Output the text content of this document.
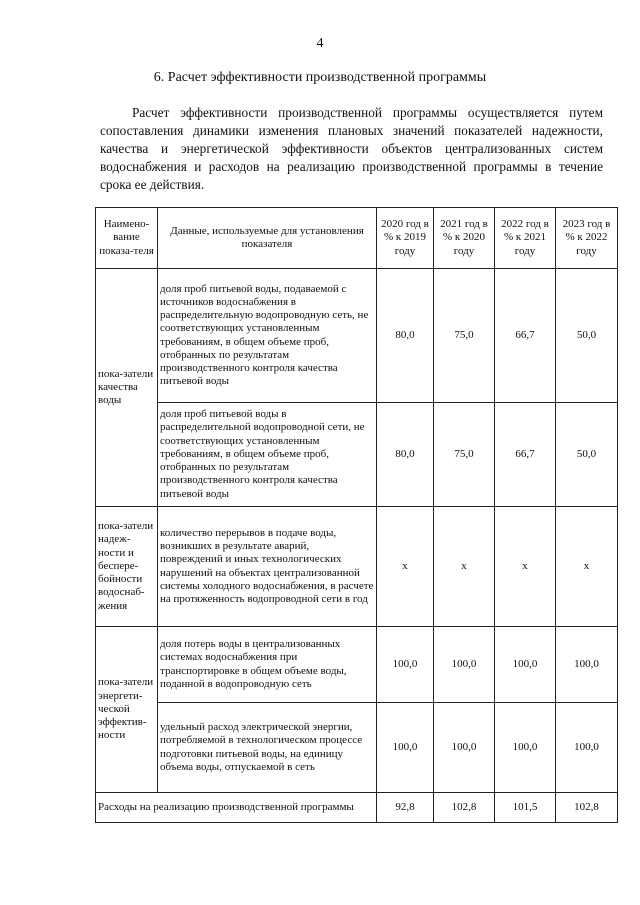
4
6. Расчет эффективности производственной программы

Расчет эффективности производственной программы осуществляется путем сопоставления динамики изменения плановых значений показателей надежности, качества и энергетической эффективности объектов централизованных систем водоснабжения и расходов на реализацию производственной программы в течение срока ее действия.

Наимено-вание показа-теля	Данные, используемые для установления показателя	2020 год в % к 2019 году	2021 год в % к 2020 году	2022 год в % к 2021 году	2023 год в % к 2022 году
пока-затели качества воды	доля проб питьевой воды, подаваемой с источников водоснабжения в распределительную водопроводную сеть, не соответствующих установленным требованиям, в общем объеме проб, отобранных по результатам производственного контроля качества питьевой воды	80,0	75,0	66,7	50,0
	доля проб питьевой воды в распределительной водопроводной сети, не соответствующих установленным требованиям, в общем объеме проб, отобранных по результатам производственного контроля качества питьевой воды	80,0	75,0	66,7	50,0
пока-затели надеж-ности и беспере-бойности водоснаб-жения	количество перерывов в подаче воды, возникших в результате аварий, повреждений и иных технологических нарушений на объектах централизованной системы холодного водоснабжения, в расчете на протяженность водопроводной сети в год	х	х	х	х
пока-затели энергети-ческой эффектив-ности	доля потерь воды в централизованных системах водоснабжения при транспортировке в общем объеме воды, поданной в водопроводную сеть	100,0	100,0	100,0	100,0
	удельный расход электрической энергии, потребляемой в технологическом процессе подготовки питьевой воды, на единицу объема воды, отпускаемой в сеть	100,0	100,0	100,0	100,0
Расходы на реализацию производственной программы		92,8	102,8	101,5	102,8
